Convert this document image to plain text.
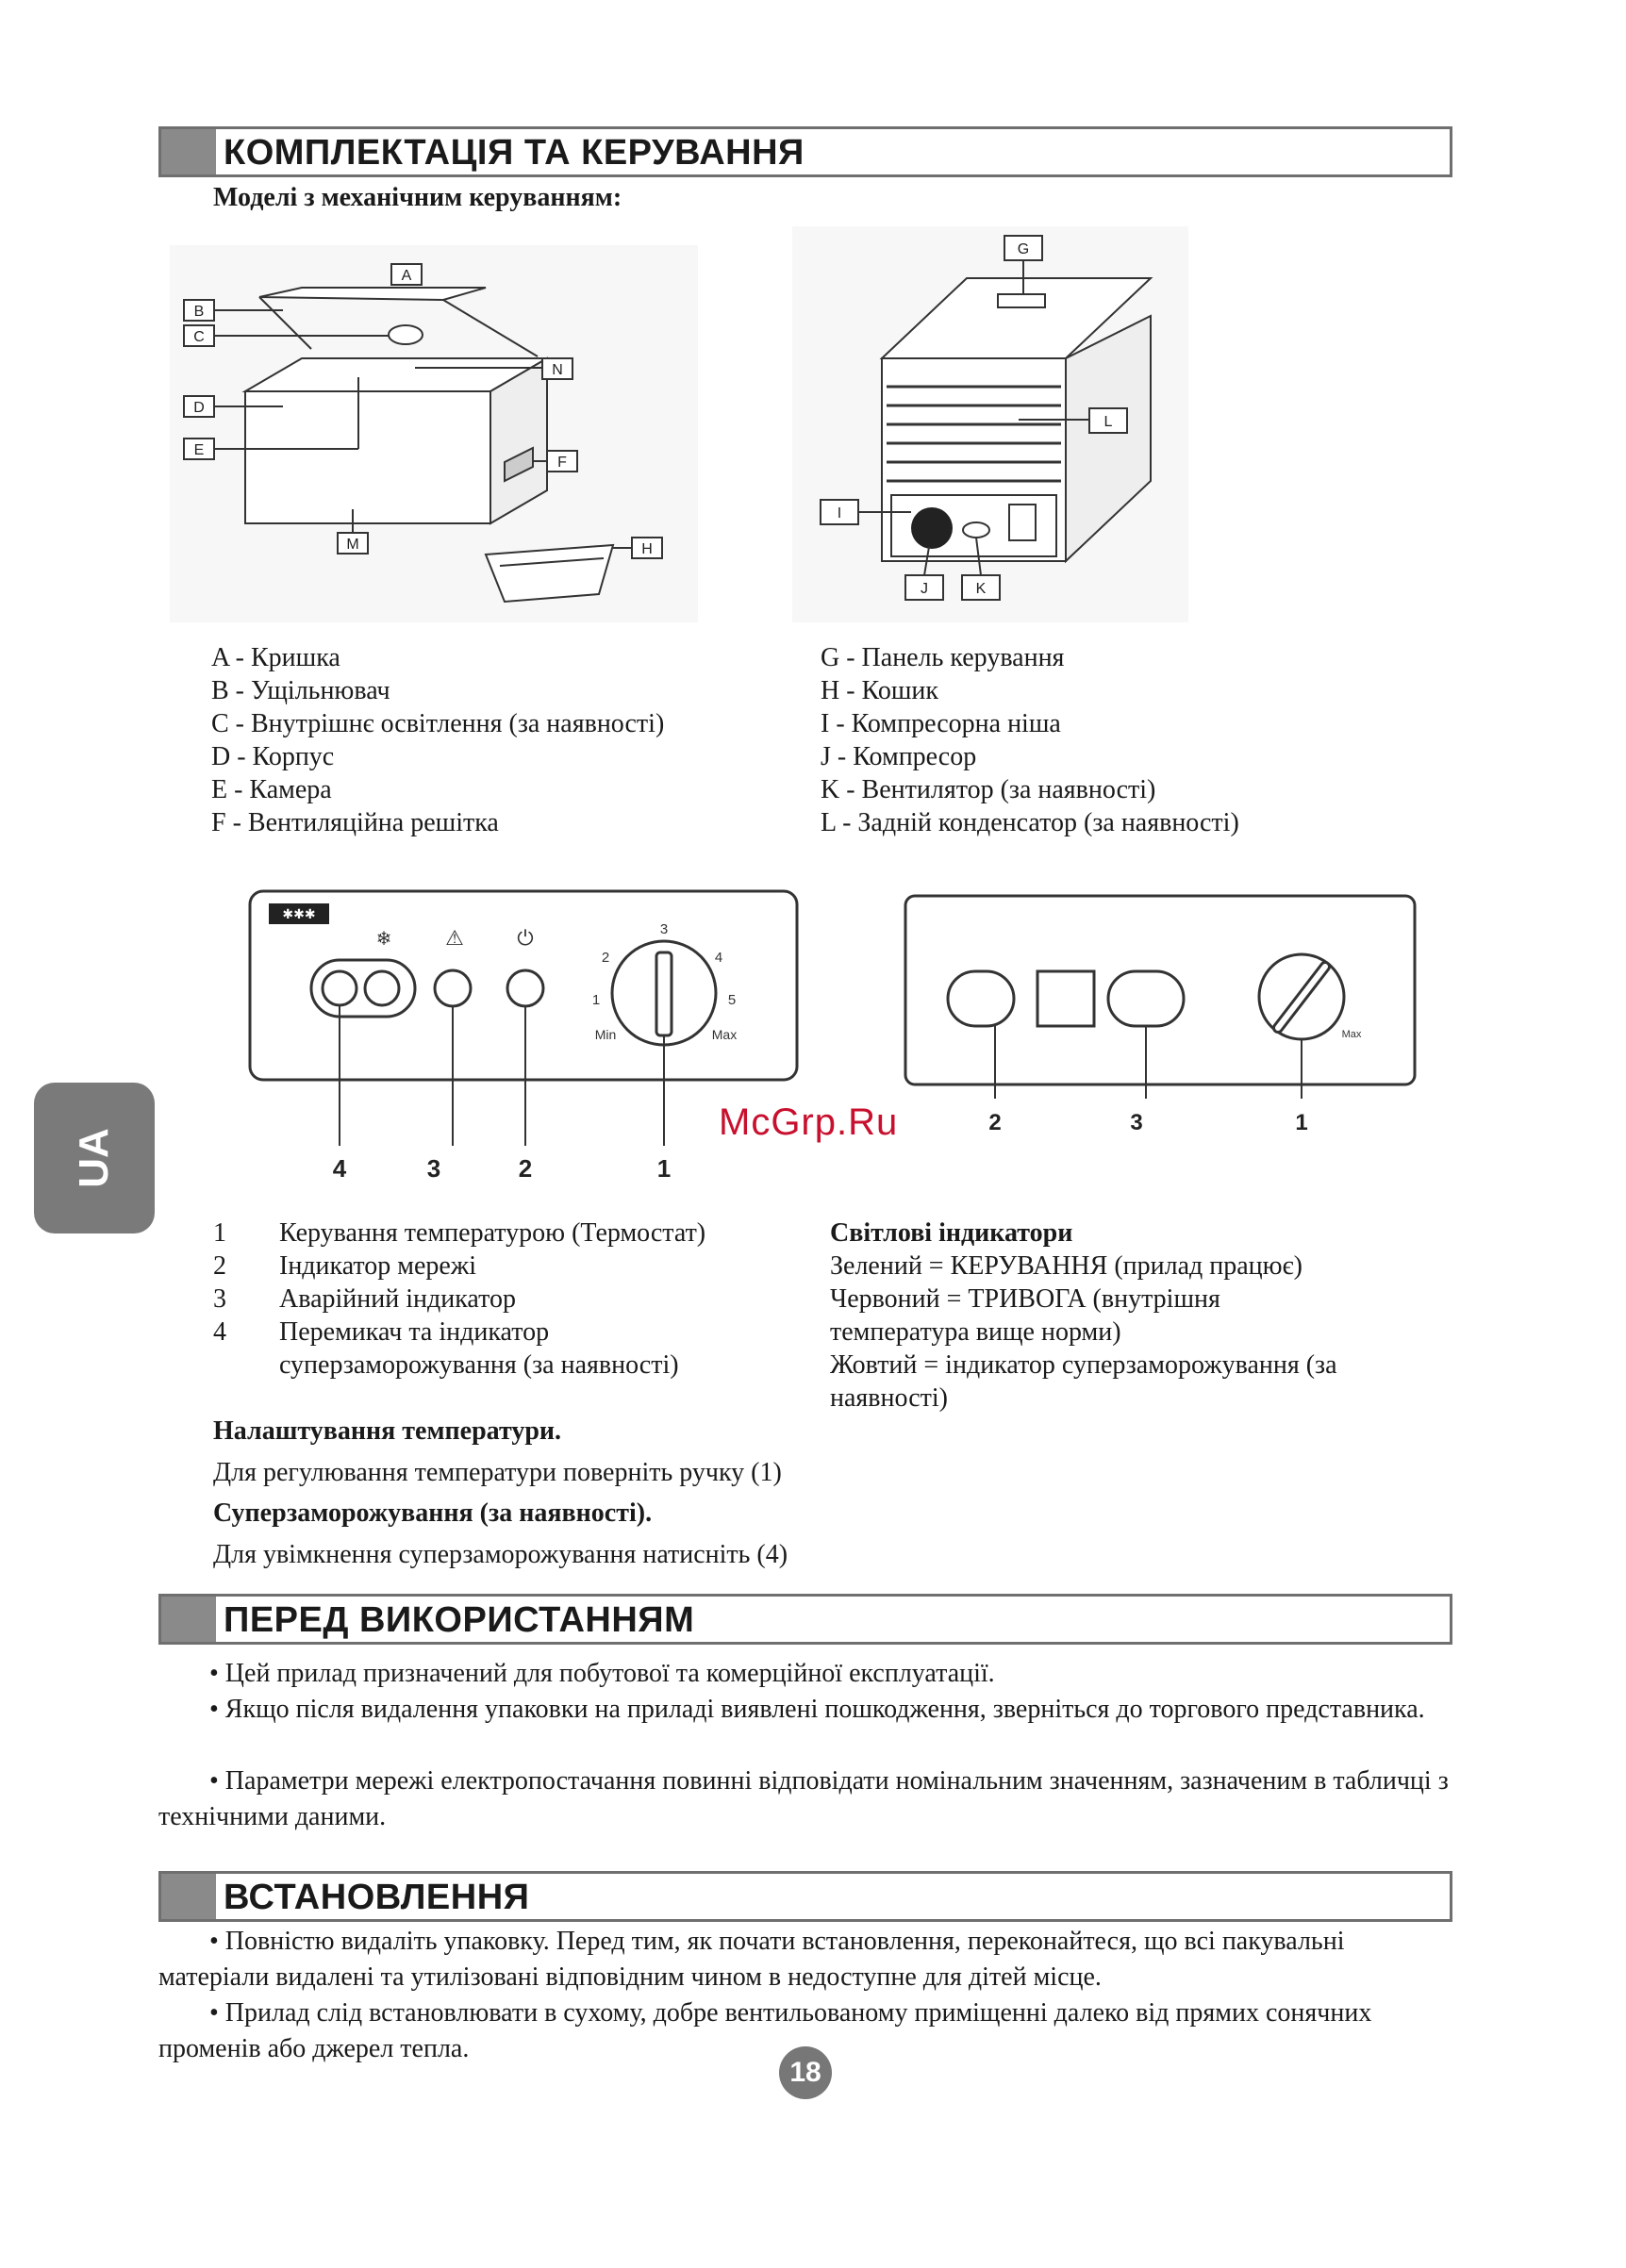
КОМПЛЕКТАЦІЯ ТА КЕРУВАННЯ
Моделі з механічним керуванням:
A
B
C
D
E
N
F
M	H
G
L
I
J	K
A - Кришка
B - Ущільнювач
C - Внутрішнє освітлення (за наявності)
D - Корпус
E - Камера
F - Вентиляційна решітка
G - Панель керування
H - Кошик
I - Компресорна ніша
J - Компресор
K - Вентилятор (за наявності)
L - Задній конденсатор (за наявності)
✱✱✱
❄	⚠	⏻
1
2
3
4
5
Min	Max
4	3	2	1
Max
2	3	1
UA
McGrp.Ru
1 Керування температурою (Термостат)
2 Індикатор мережі
3 Аварійний індикатор
4 Перемикач та індикатор
суперзаморожування (за наявності)
Світлові індикатори
Зелений = КЕРУВАННЯ (прилад працює)
Червоний = ТРИВОГА (внутрішня
температура вище норми)
Жовтий = індикатор суперзаморожування (за
наявності)
Налаштування температури.
Для регулювання температури поверніть ручку (1)
Суперзаморожування (за наявності).
Для увімкнення суперзаморожування натисніть (4)
ПЕРЕД ВИКОРИСТАННЯМ
• Цей прилад призначений для побутової та комерційної експлуатації.
• Якщо після видалення упаковки на приладі виявлені пошкодження, зверніться до торгового представника.
• Параметри мережі електропостачання повинні відповідати номінальним значенням, зазначеним в табличці з технічними даними.
ВСТАНОВЛЕННЯ
• Повністю видаліть упаковку. Перед тим, як почати встановлення, переконайтеся, що всі пакувальні матеріали видалені та утилізовані відповідним чином в недоступне для дітей місце.
• Прилад слід встановлювати в сухому, добре вентильованому приміщенні далеко від прямих сонячних променів або джерел тепла.
18
